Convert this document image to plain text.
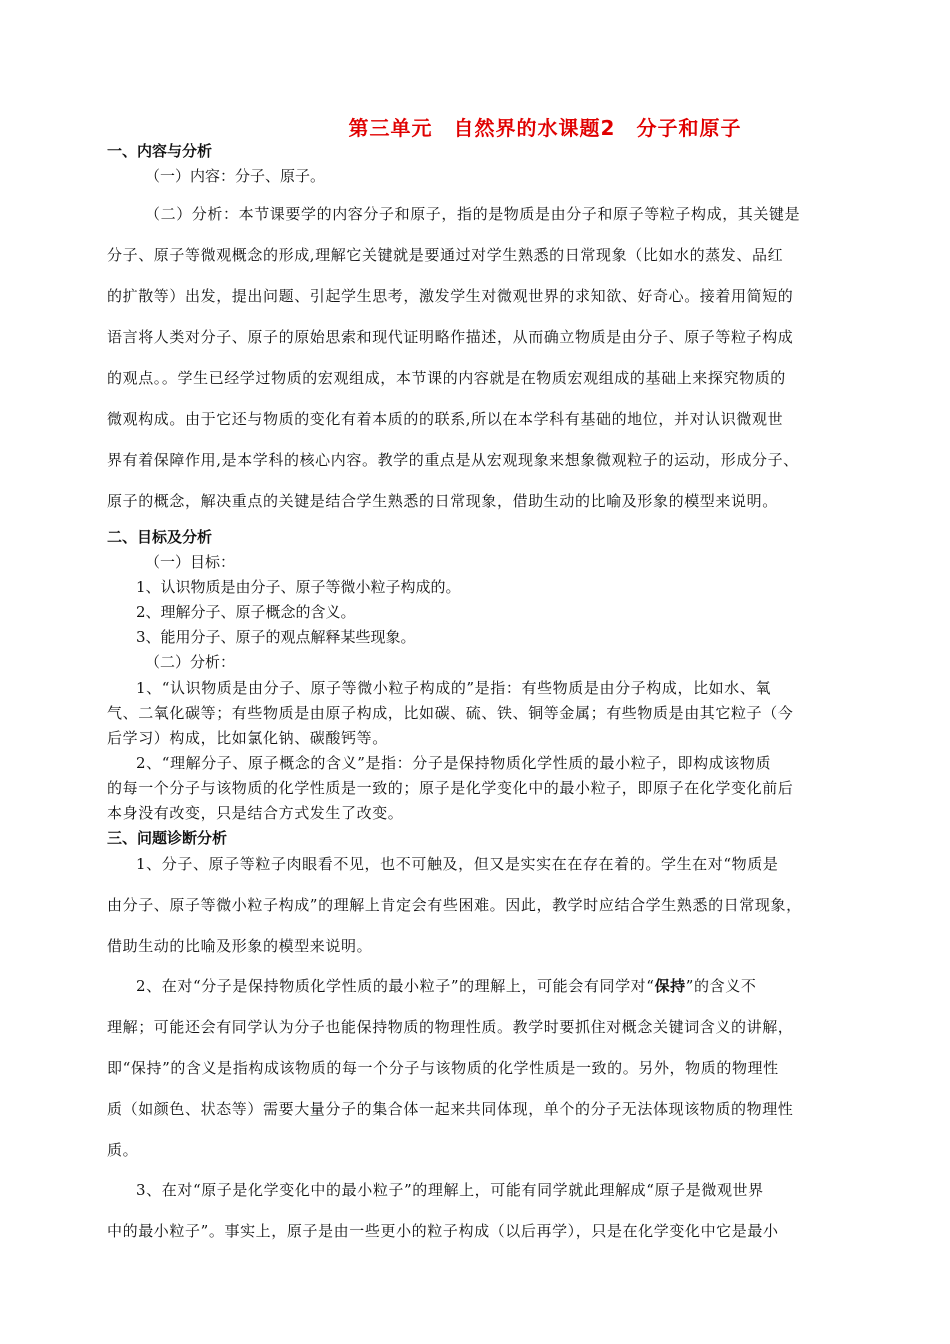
第三单元　自然界的水课题2　分子和原子
一、内容与分析
（一）内容：分子、原子。
（二）分析：本节课要学的内容分子和原子，指的是物质是由分子和原子等粒子构成，其关键是
分子、原子等微观概念的形成,理解它关键就是要通过对学生熟悉的日常现象（比如水的蒸发、品红
的扩散等）出发，提出问题、引起学生思考，激发学生对微观世界的求知欲、好奇心。接着用简短的
语言将人类对分子、原子的原始思索和现代证明略作描述，从而确立物质是由分子、原子等粒子构成
的观点。。学生已经学过物质的宏观组成，本节课的内容就是在物质宏观组成的基础上来探究物质的
微观构成。由于它还与物质的变化有着本质的的联系,所以在本学科有基础的地位，并对认识微观世
界有着保障作用,是本学科的核心内容。教学的重点是从宏观现象来想象微观粒子的运动，形成分子、
原子的概念，解决重点的关键是结合学生熟悉的日常现象，借助生动的比喻及形象的模型来说明。
二、目标及分析
（一）目标：
1、认识物质是由分子、原子等微小粒子构成的。
2、理解分子、原子概念的含义。
3、能用分子、原子的观点解释某些现象。
（二）分析：
1、“认识物质是由分子、原子等微小粒子构成的”是指：有些物质是由分子构成，比如水、氧
气、二氧化碳等；有些物质是由原子构成，比如碳、硫、铁、铜等金属；有些物质是由其它粒子（今
后学习）构成，比如氯化钠、碳酸钙等。
2、“理解分子、原子概念的含义”是指：分子是保持物质化学性质的最小粒子，即构成该物质
的每一个分子与该物质的化学性质是一致的；原子是化学变化中的最小粒子，即原子在化学变化前后
本身没有改变，只是结合方式发生了改变。
三、问题诊断分析
1、分子、原子等粒子肉眼看不见，也不可触及，但又是实实在在存在着的。学生在对“物质是
由分子、原子等微小粒子构成”的理解上肯定会有些困难。因此，教学时应结合学生熟悉的日常现象，
借助生动的比喻及形象的模型来说明。
2、在对“分子是保持物质化学性质的最小粒子”的理解上，可能会有同学对“保持”的含义不
理解；可能还会有同学认为分子也能保持物质的物理性质。教学时要抓住对概念关键词含义的讲解，
即“保持”的含义是指构成该物质的每一个分子与该物质的化学性质是一致的。另外，物质的物理性
质（如颜色、状态等）需要大量分子的集合体一起来共同体现，单个的分子无法体现该物质的物理性
质。
3、在对“原子是化学变化中的最小粒子”的理解上，可能有同学就此理解成“原子是微观世界
中的最小粒子”。事实上，原子是由一些更小的粒子构成（以后再学），只是在化学变化中它是最小
